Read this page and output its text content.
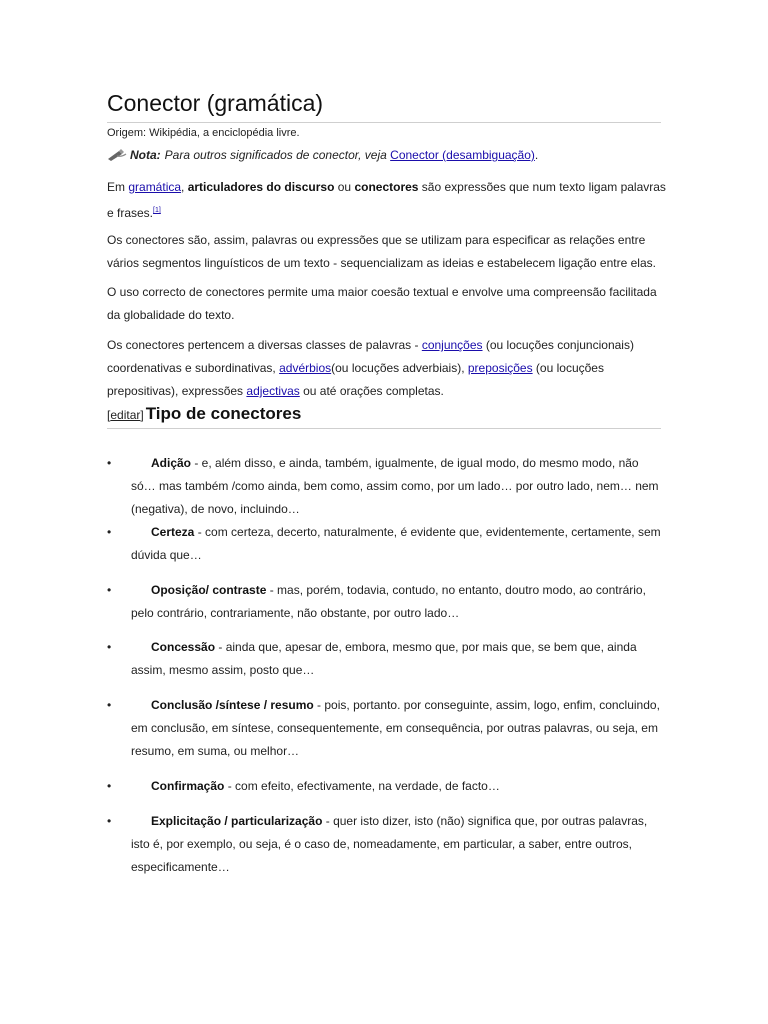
Conector (gramática)
Origem: Wikipédia, a enciclopédia livre.
Nota: Para outros significados de conector, veja
Conector (desambiguação) .
Em gramática, articuladores do discurso ou conectores são expressões que num texto ligam palavras e frases.[1]
Os conectores são, assim, palavras ou expressões que se utilizam para especificar as relações entre vários segmentos linguísticos de um texto - sequencializam as ideias e estabelecem ligação entre elas.
O uso correcto de conectores permite uma maior coesão textual e envolve uma compreensão facilitada da globalidade do texto.
Os conectores pertencem a diversas classes de palavras - conjunções (ou locuções conjuncionais) coordenativas e subordinativas, advérbios(ou locuções adverbiais), preposições (ou locuções prepositivas), expressões adjectivas ou até orações completas.
[editar] Tipo de conectores
•	Adição - e, além disso, e ainda, também, igualmente, de igual modo, do mesmo modo, não só… mas também /como ainda, bem como, assim como, por um lado… por outro lado, nem… nem (negativa), de novo, incluindo…
•	Certeza - com certeza, decerto, naturalmente, é evidente que, evidentemente, certamente, sem dúvida que…
•	Oposição/ contraste - mas, porém, todavia, contudo, no entanto, doutro modo, ao contrário, pelo contrário, contrariamente, não obstante, por outro lado…
•	Concessão - ainda que, apesar de, embora, mesmo que, por mais que, se bem que, ainda assim, mesmo assim, posto que…
•	Conclusão /síntese / resumo - pois, portanto. por conseguinte, assim, logo, enfim, concluindo, em conclusão, em síntese, consequentemente, em consequência, por outras palavras, ou seja, em resumo, em suma, ou melhor…
•	Confirmação - com efeito, efectivamente, na verdade, de facto…
•	Explicitação / particularização - quer isto dizer, isto (não) significa que, por outras palavras, isto é, por exemplo, ou seja, é o caso de, nomeadamente, em particular, a saber, entre outros, especificamente…
